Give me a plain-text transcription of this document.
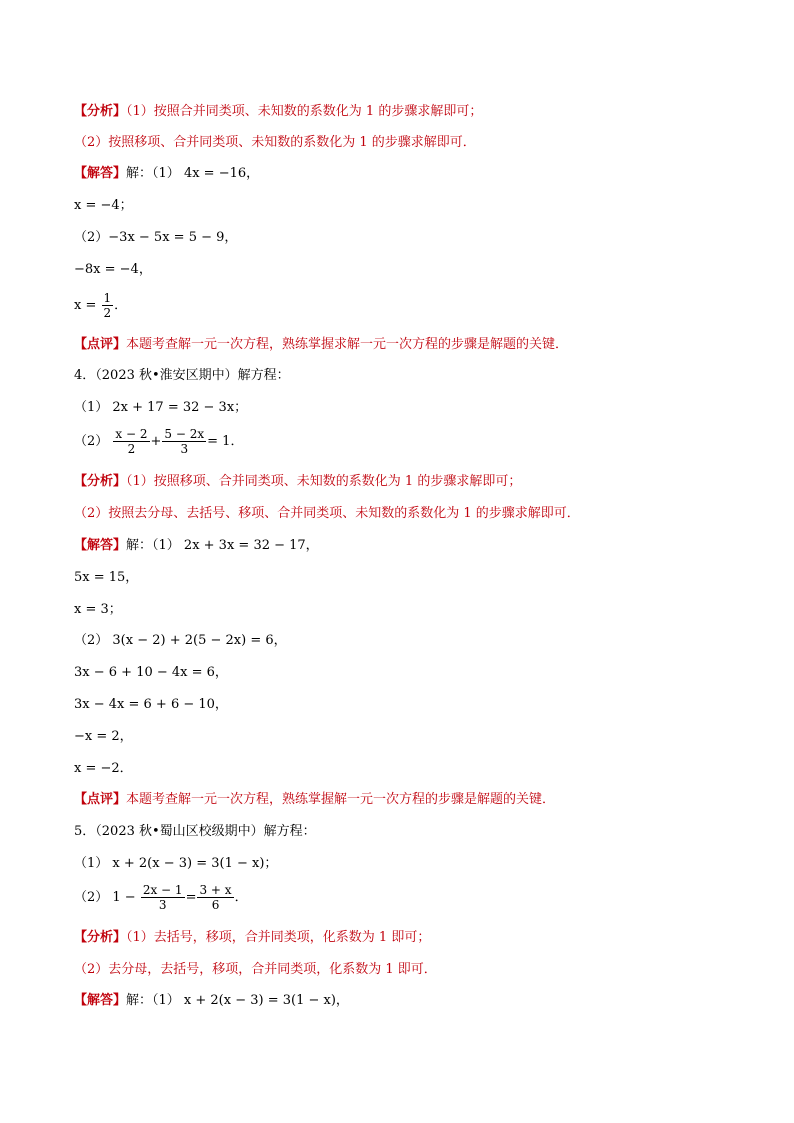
【分析】（1）按照合并同类项、未知数的系数化为 1 的步骤求解即可；
（2）按照移项、合并同类项、未知数的系数化为 1 的步骤求解即可．
【解答】解：（1） 4x = −16，
x = −4；
（2）−3x − 5x = 5 − 9，
−8x = −4，
$x = \frac{1}{2}$ ．
【点评】本题考查解一元一次方程，熟练掌握求解一元一次方程的步骤是解题的关键．
4．（2023 秋•淮安区期中）解方程：
（1） 2x + 17 = 32 − 3x；
$(2) \frac{x - 2}{2} + \frac{5 - 2x}{3} = 1$．
【分析】（1）按照移项、合并同类项、未知数的系数化为 1 的步骤求解即可；
（2）按照去分母、去括号、移项、合并同类项、未知数的系数化为 1 的步骤求解即可．
【解答】解：（1） 2x + 3x = 32 − 17，
5x = 15，
x = 3；
（2） 3(x − 2) + 2(5 − 2x) = 6，
3x − 6 + 10 − 4x = 6，
3x − 4x = 6 + 6 − 10，
−x = 2，
x = −2．
【点评】本题考查解一元一次方程，熟练掌握解一元一次方程的步骤是解题的关键．
5．（2023 秋•蜀山区校级期中）解方程：
（1） x + 2(x − 3) = 3(1 − x)；
（2） $1 - \frac{2x - 1}{3} = \frac{3 + x}{6}$ ．
【分析】（1）去括号，移项，合并同类项，化系数为 1 即可；
（2）去分母，去括号，移项，合并同类项，化系数为 1 即可．
【解答】解：（1） x + 2(x − 3) = 3(1 − x)，
